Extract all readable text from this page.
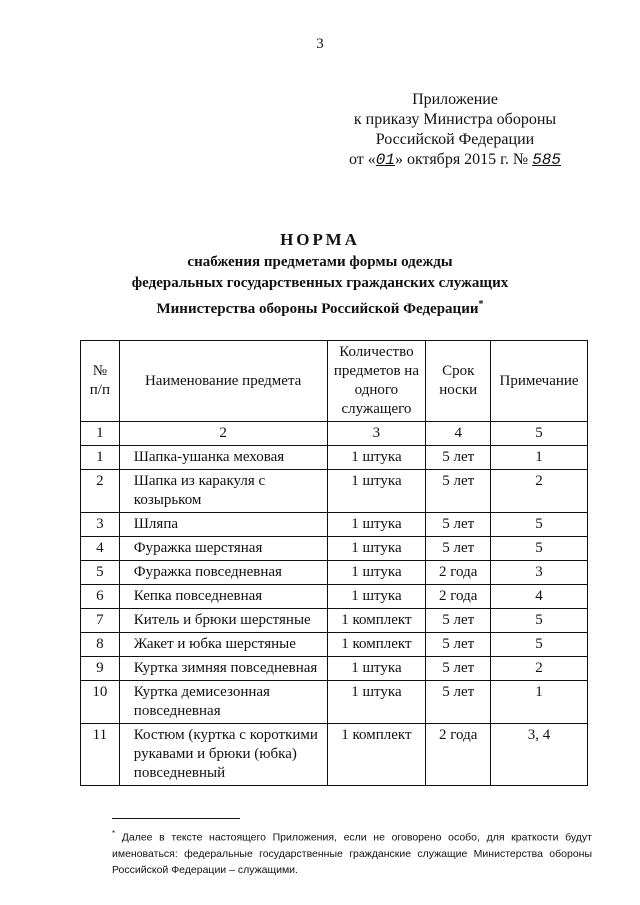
3
Приложение
к приказу Министра обороны
Российской Федерации
от «01» октября 2015 г. № 585
НОРМА
снабжения предметами формы одежды
федеральных государственных гражданских служащих
Министерства обороны Российской Федерации*
№ п/п	Наименование предмета	Количество предметов на одного служащего	Срок носки	Примечание
1	2	3	4	5
1	Шапка-ушанка меховая	1 штука	5 лет	1
2	Шапка из каракуля с козырьком	1 штука	5 лет	2
3	Шляпа	1 штука	5 лет	5
4	Фуражка шерстяная	1 штука	5 лет	5
5	Фуражка повседневная	1 штука	2 года	3
6	Кепка повседневная	1 штука	2 года	4
7	Китель и брюки шерстяные	1 комплект	5 лет	5
8	Жакет и юбка шерстяные	1 комплект	5 лет	5
9	Куртка зимняя повседневная	1 штука	5 лет	2
10	Куртка демисезонная повседневная	1 штука	5 лет	1
11	Костюм (куртка с короткими рукавами и брюки (юбка) повседневный	1 комплект	2 года	3, 4
* Далее в тексте настоящего Приложения, если не оговорено особо, для краткости будут именоваться: федеральные государственные гражданские служащие Министерства обороны Российской Федерации – служащими.
